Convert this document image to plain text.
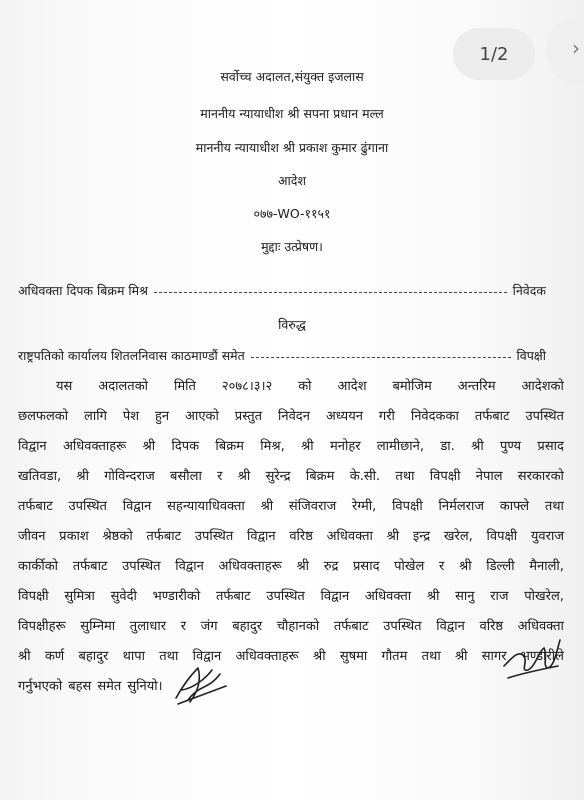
›
1/2
सर्वोच्च अदालत,संयुक्त इजलास
माननीय न्यायाधीश श्री सपना प्रधान मल्ल
माननीय न्यायाधीश श्री प्रकाश कुमार ढुंगाना
आदेश
०७७-WO-११५१
मुद्दाः उत्प्रेषण।
अधिवक्ता दिपक बिक्रम मिश्र	निवेदक
विरुद्ध
राष्ट्रपतिको कार्यालय शितलनिवास काठमाण्डौं समेत	विपक्षी
यस अदालतको मिति २०७८।३।२ को आदेश बमोजिम अन्तरिम आदेशको
छलफलको लागि पेश हुन आएको प्रस्तुत निवेदन अध्ययन गरी निवेदकका तर्फबाट उपस्थित
विद्वान अधिवक्ताहरू श्री दिपक बिक्रम मिश्र, श्री मनोहर लामीछाने, डा. श्री पुण्य प्रसाद
खतिवडा, श्री गोविन्दराज बसौला र श्री सुरेन्द्र बिक्रम के.सी. तथा विपक्षी नेपाल सरकारको
तर्फबाट उपस्थित विद्वान सहन्यायाधिवक्ता श्री संजिवराज रेग्मी, विपक्षी निर्मलराज काफ्ले तथा
जीवन प्रकाश श्रेष्ठको तर्फबाट उपस्थित विद्वान वरिष्ठ अधिवक्ता श्री इन्द्र खरेल, विपक्षी युवराज
कार्कीको तर्फबाट उपस्थित विद्वान अधिवक्ताहरू श्री रुद्र प्रसाद पोखेल र श्री डिल्ली मैनाली,
विपक्षी सुमित्रा सुवेदी भण्डारीको तर्फबाट उपस्थित विद्वान अधिवक्ता श्री सानु राज पोखरेल,
विपक्षीहरू सुम्निमा तुलाधार र जंग बहादुर चौहानको तर्फबाट उपस्थित विद्वान वरिष्ठ अधिवक्ता
श्री कर्ण बहादुर थापा तथा विद्वान अधिवक्ताहरू श्री सुषमा गौतम तथा श्री सागर भण्डारीले
गर्नुभएको बहस समेत सुनियो।
